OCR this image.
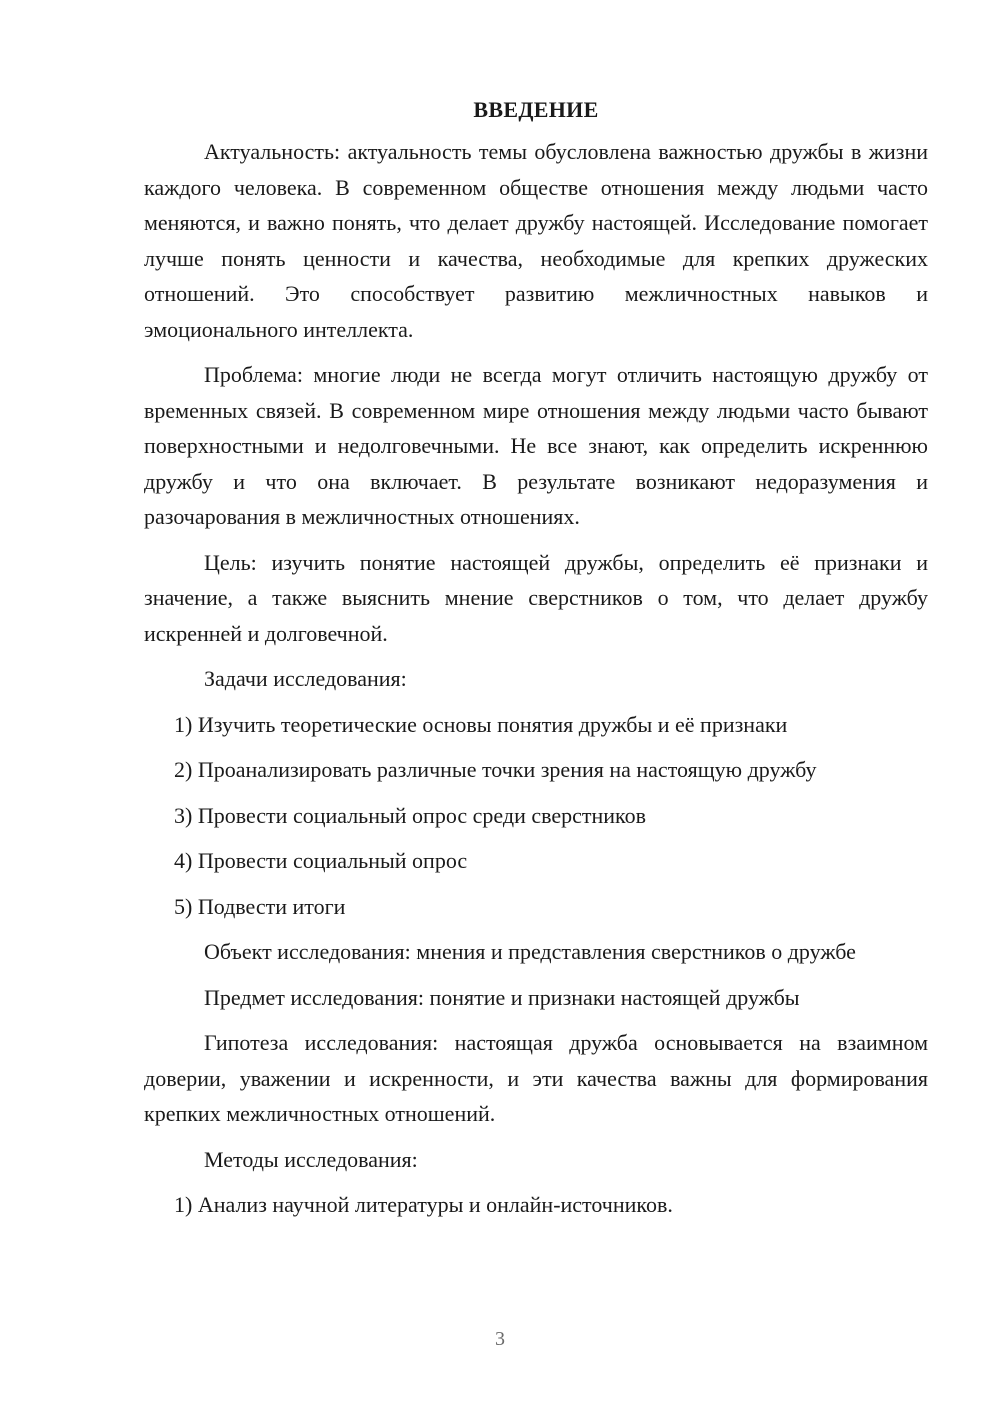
ВВЕДЕНИЕ

Актуальность: актуальность темы обусловлена важностью дружбы в жизни каждого человека. В современном обществе отношения между людьми часто меняются, и важно понять, что делает дружбу настоящей. Исследование помогает лучше понять ценности и качества, необходимые для крепких дружеских отношений. Это способствует развитию межличностных навыков и эмоционального интеллекта.

Проблема: многие люди не всегда могут отличить настоящую дружбу от временных связей. В современном мире отношения между людьми часто бывают поверхностными и недолговечными. Не все знают, как определить искреннюю дружбу и что она включает. В результате возникают недоразумения и разочарования в межличностных отношениях.

Цель: изучить понятие настоящей дружбы, определить её признаки и значение, а также выяснить мнение сверстников о том, что делает дружбу искренней и долговечной.

Задачи исследования:

1) Изучить теоретические основы понятия дружбы и её признаки
2) Проанализировать различные точки зрения на настоящую дружбу
3) Провести социальный опрос среди сверстников
4) Провести социальный опрос
5) Подвести итоги

Объект исследования: мнения и представления сверстников о дружбе

Предмет исследования: понятие и признаки настоящей дружбы

Гипотеза исследования: настоящая дружба основывается на взаимном доверии, уважении и искренности, и эти качества важны для формирования крепких межличностных отношений.

Методы исследования:

1) Анализ научной литературы и онлайн-источников.
3
